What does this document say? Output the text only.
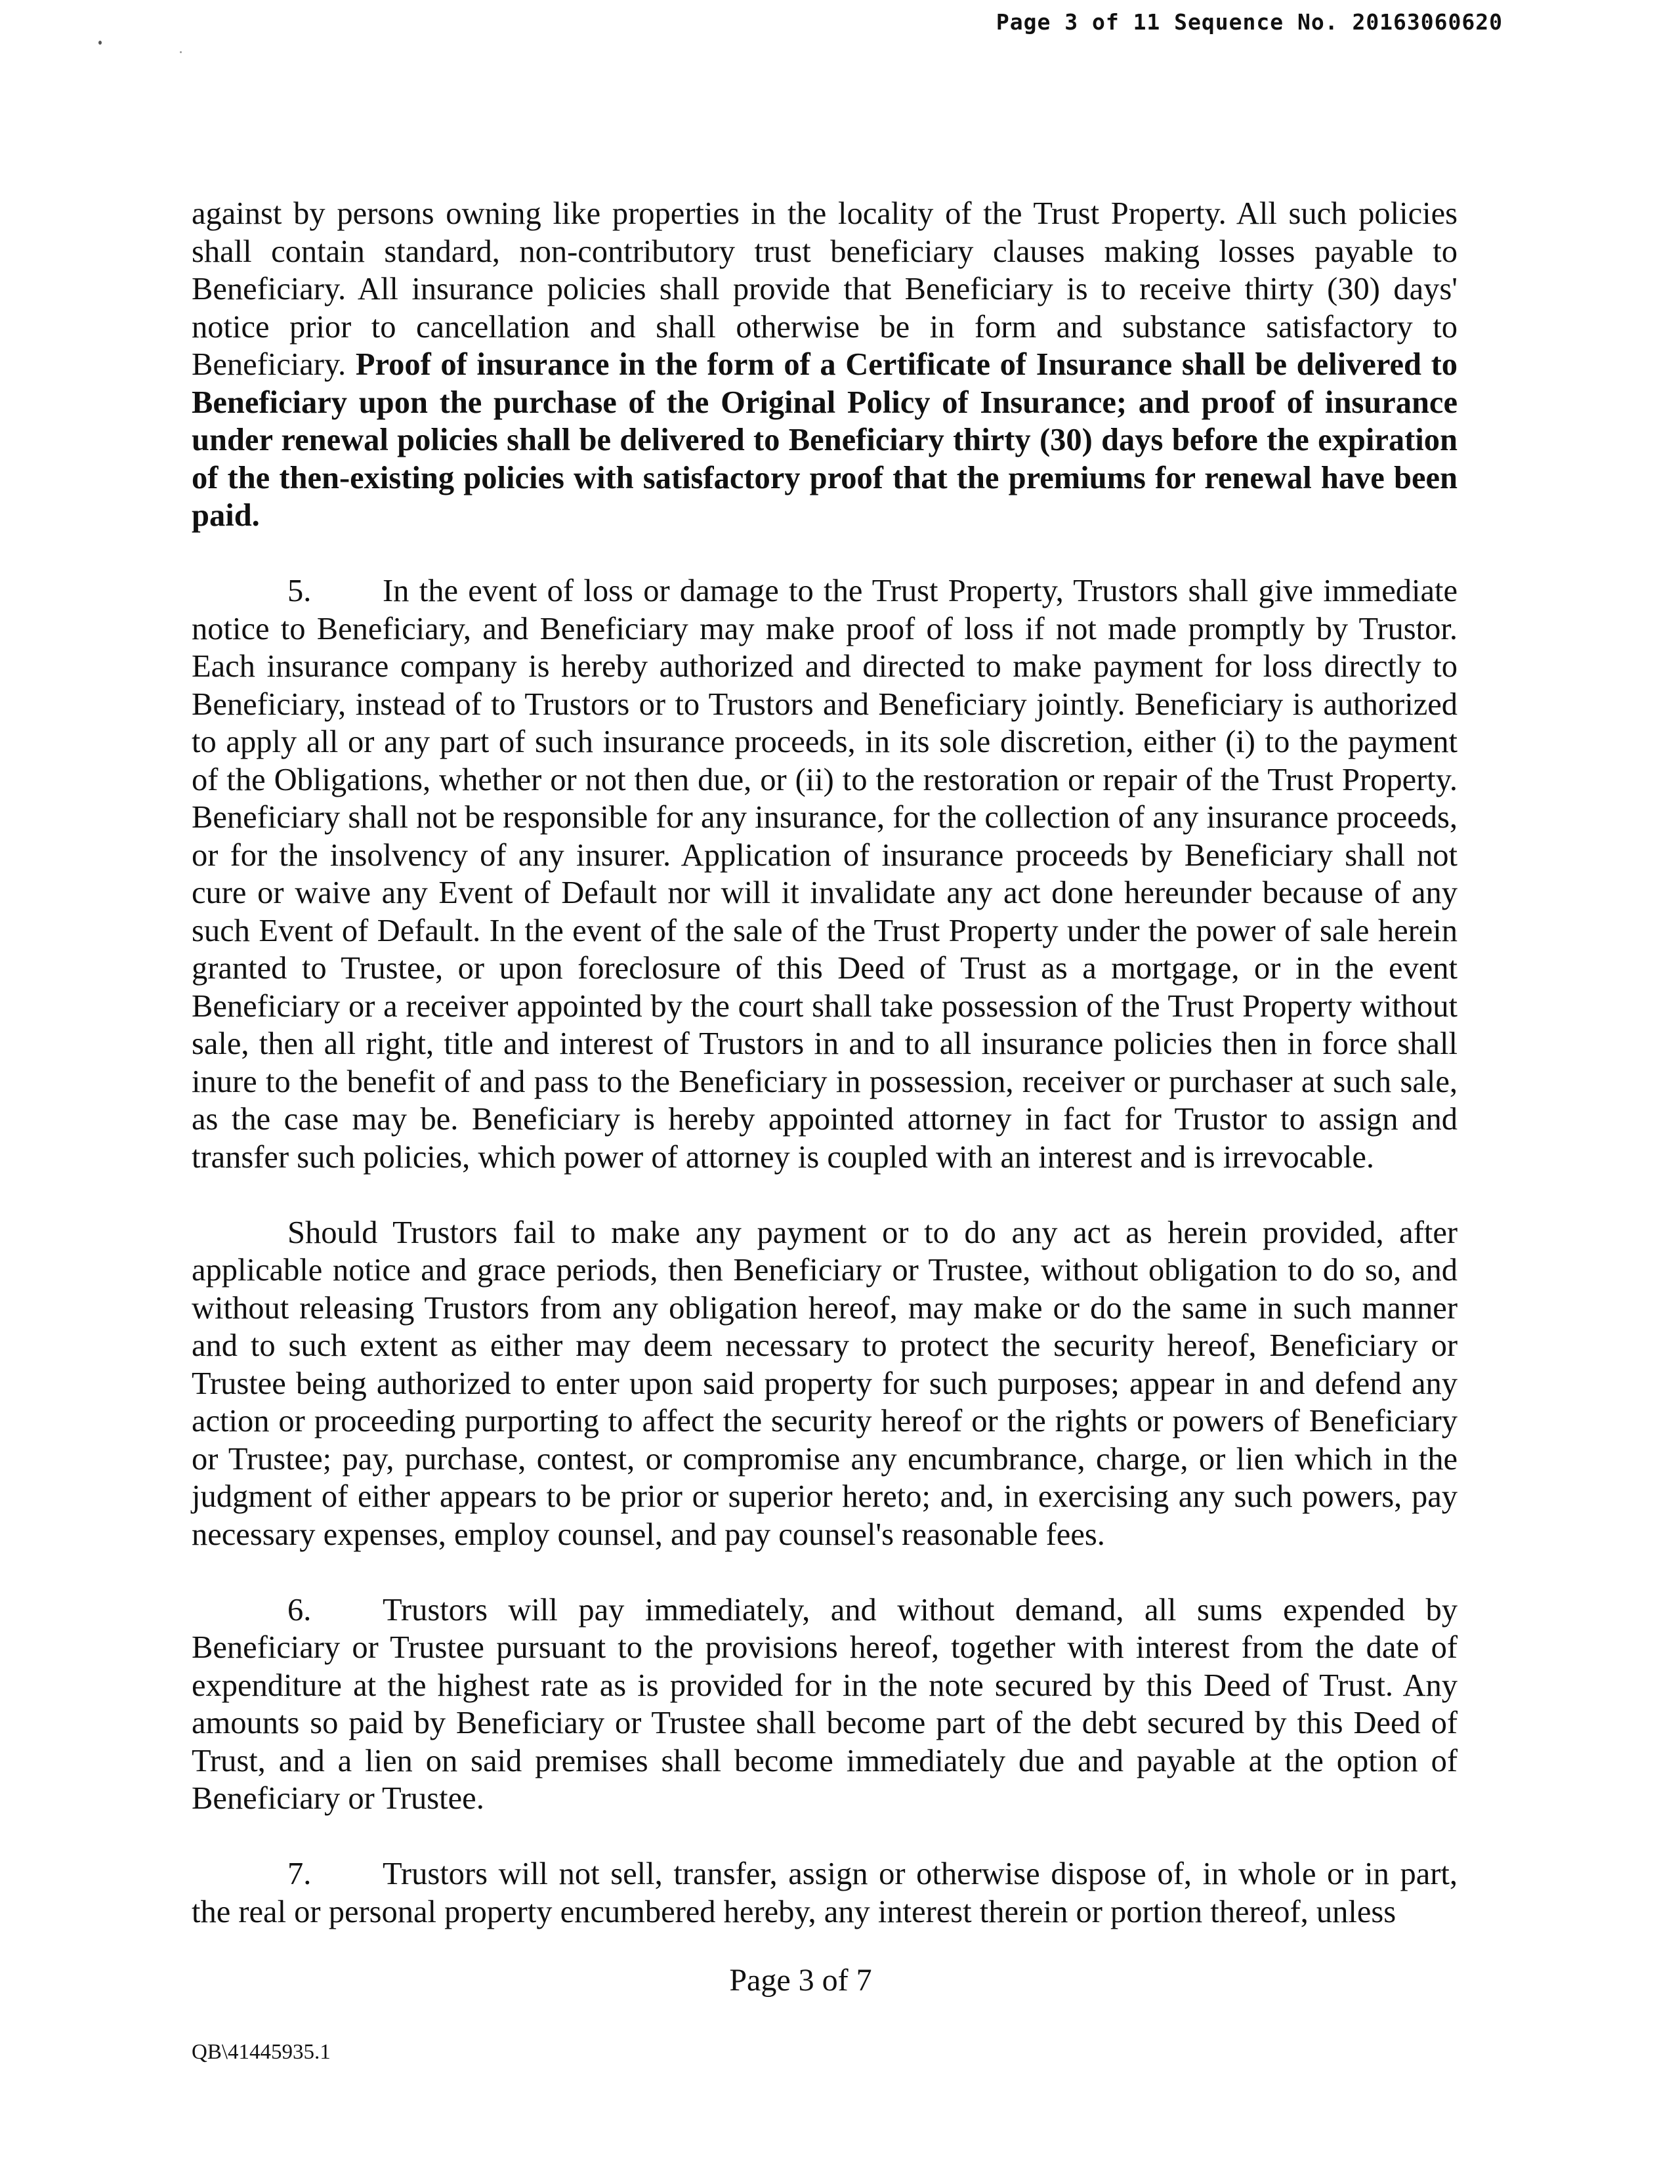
Page 3 of 11 Sequence No. 20163060620

against by persons owning like properties in the locality of the Trust Property. All such policies shall contain standard, non-contributory trust beneficiary clauses making losses payable to Beneficiary. All insurance policies shall provide that Beneficiary is to receive thirty (30) days' notice prior to cancellation and shall otherwise be in form and substance satisfactory to Beneficiary. Proof of insurance in the form of a Certificate of Insurance shall be delivered to Beneficiary upon the purchase of the Original Policy of Insurance; and proof of insurance under renewal policies shall be delivered to Beneficiary thirty (30) days before the expiration of the then-existing policies with satisfactory proof that the premiums for renewal have been paid.

5. In the event of loss or damage to the Trust Property, Trustors shall give immediate notice to Beneficiary, and Beneficiary may make proof of loss if not made promptly by Trustor. Each insurance company is hereby authorized and directed to make payment for loss directly to Beneficiary, instead of to Trustors or to Trustors and Beneficiary jointly. Beneficiary is authorized to apply all or any part of such insurance proceeds, in its sole discretion, either (i) to the payment of the Obligations, whether or not then due, or (ii) to the restoration or repair of the Trust Property. Beneficiary shall not be responsible for any insurance, for the collection of any insurance proceeds, or for the insolvency of any insurer. Application of insurance proceeds by Beneficiary shall not cure or waive any Event of Default nor will it invalidate any act done hereunder because of any such Event of Default. In the event of the sale of the Trust Property under the power of sale herein granted to Trustee, or upon foreclosure of this Deed of Trust as a mortgage, or in the event Beneficiary or a receiver appointed by the court shall take possession of the Trust Property without sale, then all right, title and interest of Trustors in and to all insurance policies then in force shall inure to the benefit of and pass to the Beneficiary in possession, receiver or purchaser at such sale, as the case may be. Beneficiary is hereby appointed attorney in fact for Trustor to assign and transfer such policies, which power of attorney is coupled with an interest and is irrevocable.

Should Trustors fail to make any payment or to do any act as herein provided, after applicable notice and grace periods, then Beneficiary or Trustee, without obligation to do so, and without releasing Trustors from any obligation hereof, may make or do the same in such manner and to such extent as either may deem necessary to protect the security hereof, Beneficiary or Trustee being authorized to enter upon said property for such purposes; appear in and defend any action or proceeding purporting to affect the security hereof or the rights or powers of Beneficiary or Trustee; pay, purchase, contest, or compromise any encumbrance, charge, or lien which in the judgment of either appears to be prior or superior hereto; and, in exercising any such powers, pay necessary expenses, employ counsel, and pay counsel's reasonable fees.

6. Trustors will pay immediately, and without demand, all sums expended by Beneficiary or Trustee pursuant to the provisions hereof, together with interest from the date of expenditure at the highest rate as is provided for in the note secured by this Deed of Trust. Any amounts so paid by Beneficiary or Trustee shall become part of the debt secured by this Deed of Trust, and a lien on said premises shall become immediately due and payable at the option of Beneficiary or Trustee.

7. Trustors will not sell, transfer, assign or otherwise dispose of, in whole or in part, the real or personal property encumbered hereby, any interest therein or portion thereof, unless

Page 3 of 7
QB\41445935.1
